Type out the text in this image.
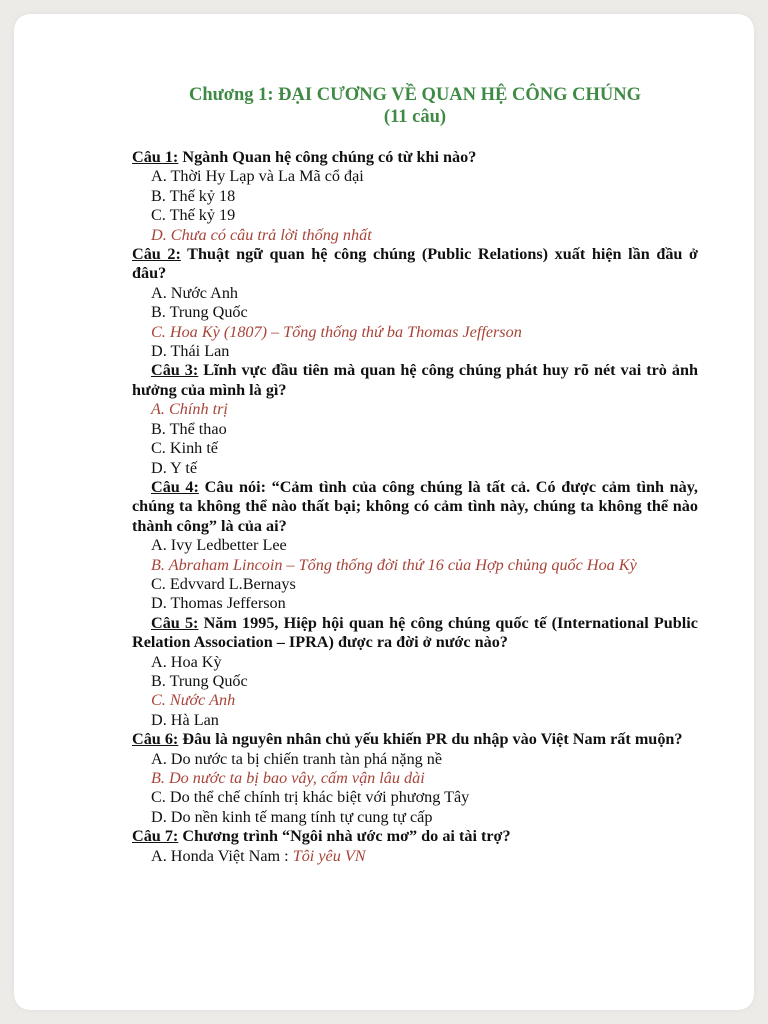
Chương 1: ĐẠI CƯƠNG VỀ QUAN HỆ CÔNG CHÚNG

(11 câu)

Câu 1: Ngành Quan hệ công chúng có từ khi nào?

A. Thời Hy Lạp và La Mã cổ đại

B. Thế kỷ 18

C. Thế kỷ 19

D. Chưa có câu trả lời thống nhất

Câu 2: Thuật ngữ quan hệ công chúng (Public Relations) xuất hiện lần đầu ở đâu?

A. Nước Anh

B. Trung Quốc

C. Hoa Kỳ (1807) – Tổng thống thứ ba Thomas Jefferson

D. Thái Lan

Câu 3: Lĩnh vực đầu tiên mà quan hệ công chúng phát huy rõ nét vai trò ảnh hưởng của mình là gì?

A. Chính trị

B. Thể thao

C. Kinh tế

D. Y tế

Câu 4: Câu nói: “Cảm tình của công chúng là tất cả. Có được cảm tình này, chúng ta không thể nào thất bại; không có cảm tình này, chúng ta không thể nào thành công” là của ai?

A. Ivy Ledbetter Lee

B. Abraham Lincoin – Tổng thống đời thứ 16 của Hợp chủng quốc Hoa Kỳ

C. Edvvard L.Bernays

D. Thomas Jefferson

Câu 5: Năm 1995, Hiệp hội quan hệ công chúng quốc tế (International Public Relation Association – IPRA) được ra đời ở nước nào?

A. Hoa Kỳ

B. Trung Quốc

C. Nước Anh

D. Hà Lan

Câu 6: Đâu là nguyên nhân chủ yếu khiến PR du nhập vào Việt Nam rất muộn?

A. Do nước ta bị chiến tranh tàn phá nặng nề

B. Do nước ta bị bao vây, cấm vận lâu dài

C. Do thể chế chính trị khác biệt với phương Tây

D. Do nền kinh tế mang tính tự cung tự cấp

Câu 7: Chương trình “Ngôi nhà ước mơ” do ai tài trợ?

A. Honda Việt Nam : Tôi yêu VN
